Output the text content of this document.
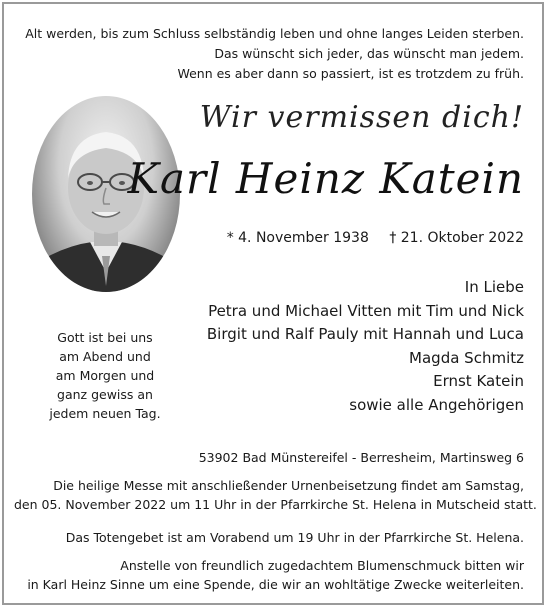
Alt werden, bis zum Schluss selbständig leben und ohne langes Leiden sterben.
Das wünscht sich jeder, das wünscht man jedem.
Wenn es aber dann so passiert, ist es trotzdem zu früh.
Wir vermissen dich!
Karl Heinz Katein
* 4. November 1938 † 21. Oktober 2022
In Liebe
Petra und Michael Vitten mit Tim und Nick
Birgit und Ralf Pauly mit Hannah und Luca
Magda Schmitz
Ernst Katein
sowie alle Angehörigen
Gott ist bei uns
am Abend und
am Morgen und
ganz gewiss an
jedem neuen Tag.
53902 Bad Münstereifel - Berresheim, Martinsweg 6
Die heilige Messe mit anschließender Urnenbeisetzung findet am Samstag,
den 05. November 2022 um 11 Uhr in der Pfarrkirche St. Helena in Mutscheid statt.
Das Totengebet ist am Vorabend um 19 Uhr in der Pfarrkirche St. Helena.
Anstelle von freundlich zugedachtem Blumenschmuck bitten wir
in Karl Heinz Sinne um eine Spende, die wir an wohltätige Zwecke weiterleiten.
